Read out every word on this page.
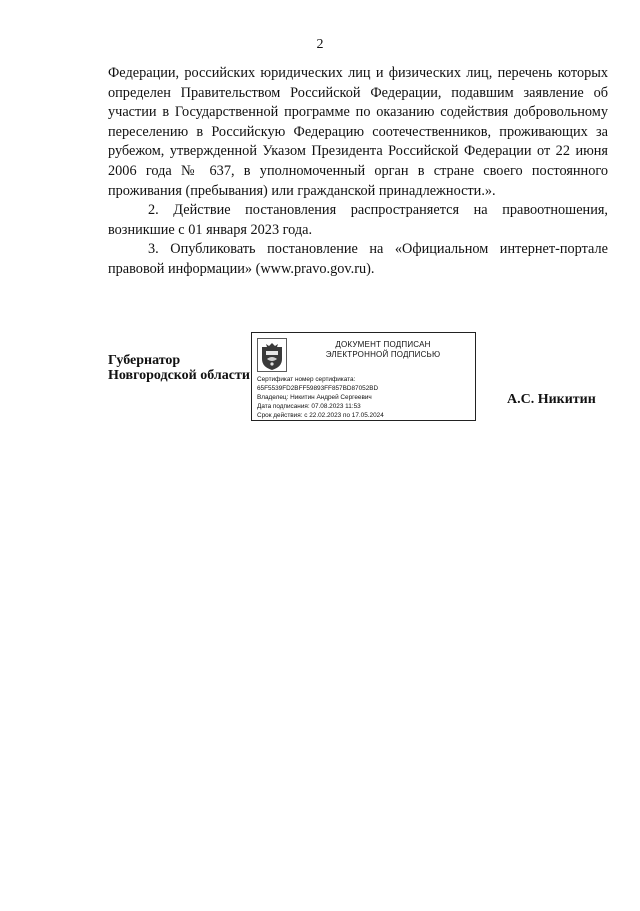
2

Федерации, российских юридических лиц и физических лиц, перечень которых определен Правительством Российской Федерации, подавшим заявление об участии в Государственной программе по оказанию содействия добровольному переселению в Российскую Федерацию соотечественников, проживающих за рубежом, утвержденной Указом Президента Российской Федерации от 22 июня 2006 года № 637, в уполномоченный орган в стране своего постоянного проживания (пребывания) или гражданской принадлежности.».

2. Действие постановления распространяется на правоотношения, возникшие с 01 января 2023 года.

3. Опубликовать постановление на «Официальном интернет-портале правовой информации» (www.pravo.gov.ru).

Губернатор
Новгородской области
ДОКУМЕНТ ПОДПИСАН
ЭЛЕКТРОННОЙ ПОДПИСЬЮ
Сертификат номер сертификата:
65F5539FD2BFF59893FF857BD87052BD
Владелец: Никитин Андрей Сергеевич
Дата подписания: 07.08.2023 11:53
Срок действия: с 22.02.2023 по 17.05.2024
А.С. Никитин
